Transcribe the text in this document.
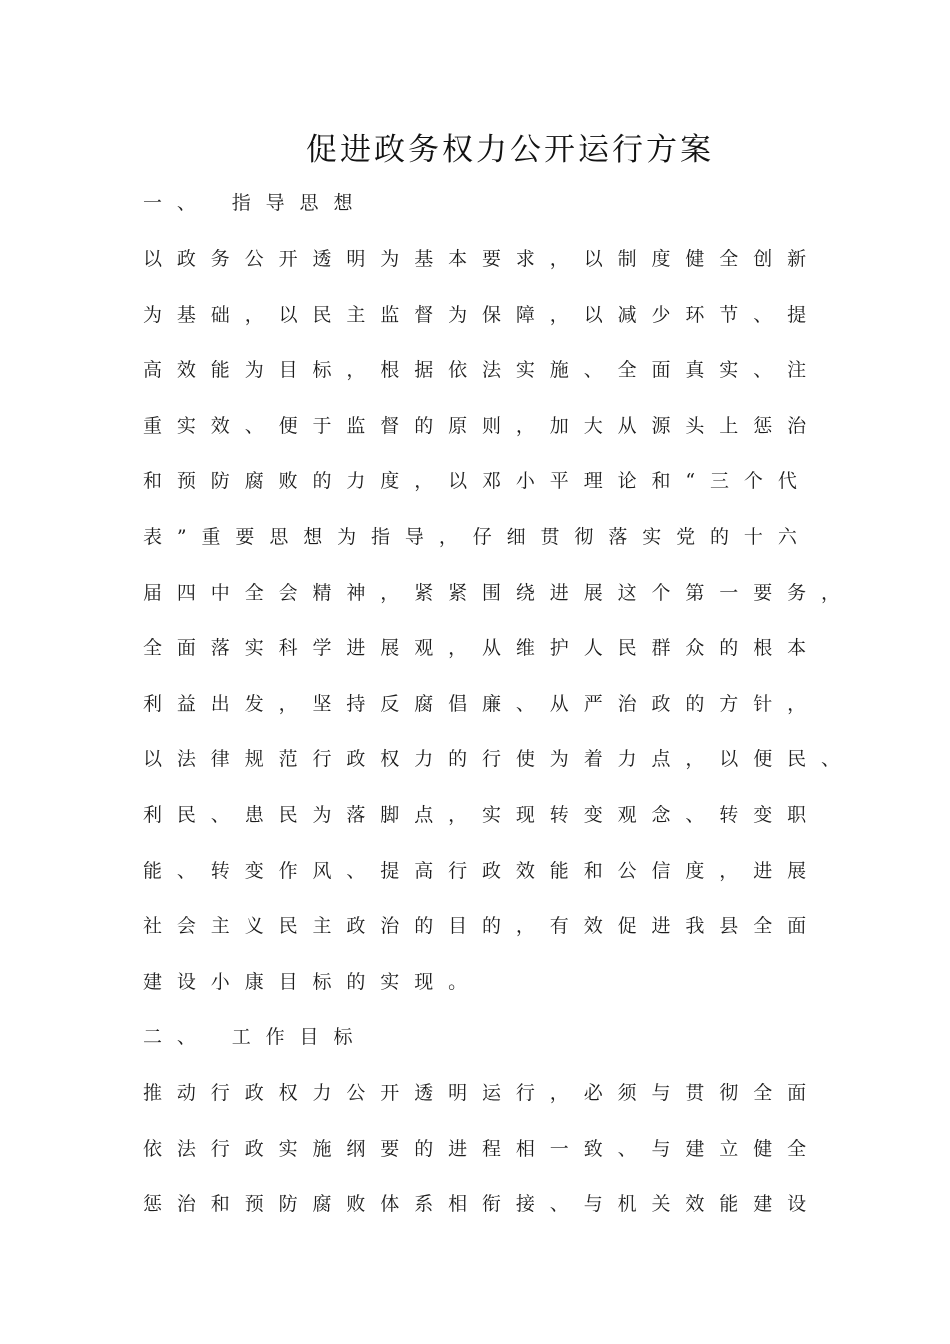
促进政务权力公开运行方案
一、 指导思想
以政务公开透明为基本要求，以制度健全创新
为基础，以民主监督为保障，以减少环节、提
高效能为目标，根据依法实施、全面真实、注
重实效、便于监督的原则，加大从源头上惩治
和预防腐败的力度，以邓小平理论和“三个代
表”重要思想为指导，仔细贯彻落实党的十六
届四中全会精神，紧紧围绕进展这个第一要务，
全面落实科学进展观，从维护人民群众的根本
利益出发，坚持反腐倡廉、从严治政的方针，
以法律规范行政权力的行使为着力点，以便民、
利民、患民为落脚点，实现转变观念、转变职
能、转变作风、提高行政效能和公信度，进展
社会主义民主政治的目的，有效促进我县全面
建设小康目标的实现。
二、 工作目标
推动行政权力公开透明运行，必须与贯彻全面
依法行政实施纲要的进程相一致、与建立健全
惩治和预防腐败体系相衔接、与机关效能建设
